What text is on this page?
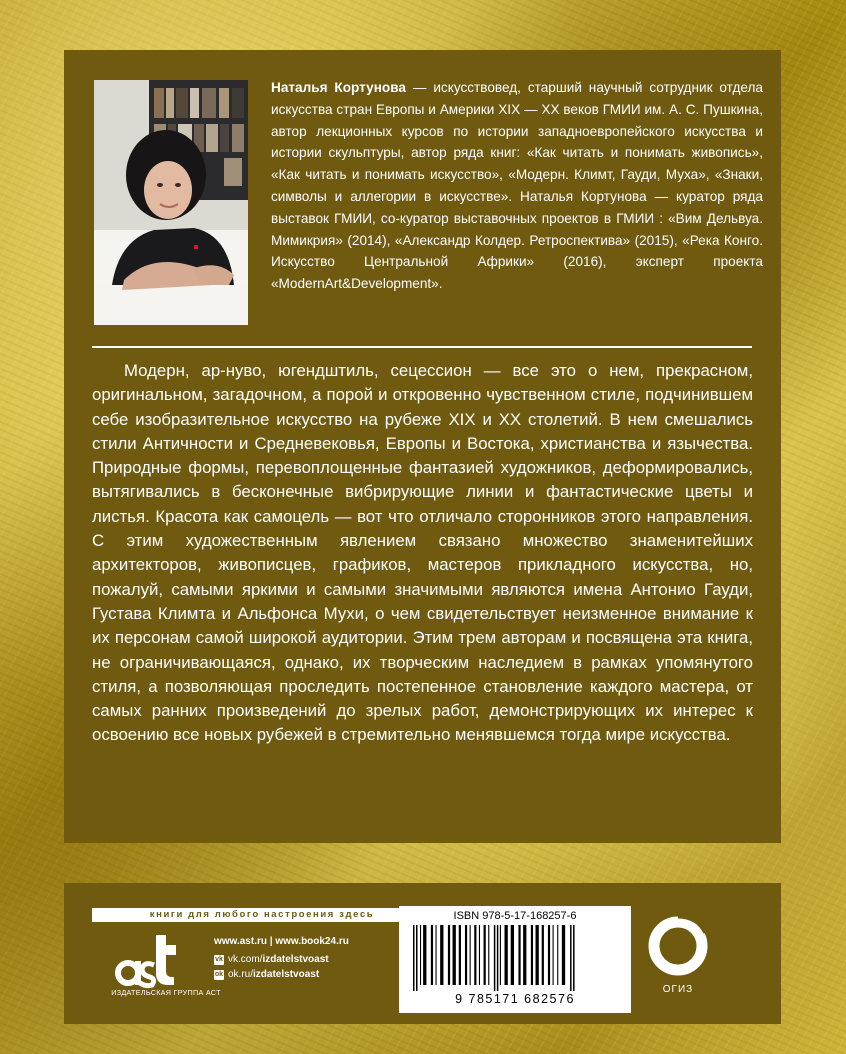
Наталья Кортунова — искусствовед, старший научный сотрудник отдела искусства стран Европы и Америки XIX — XX веков ГМИИ им. А. С. Пушкина, автор лекционных курсов по истории западноевропейского искусства и истории скульптуры, автор ряда книг: «Как читать и понимать живопись», «Как читать и понимать искусство», «Модерн. Климт, Гауди, Муха», «Знаки, символы и аллегории в искусстве». Наталья Кортунова — куратор ряда выставок ГМИИ, со-куратор выставочных проектов в ГМИИ : «Вим Дельвуа. Мимикрия» (2014), «Александр Колдер. Ретроспектива» (2015), «Река Конго. Искусство Центральной Африки» (2016), эксперт проекта «ModernArt&Development».

Модерн, ар-нуво, югендштиль, сецессион — все это о нем, прекрасном, оригинальном, загадочном, а порой и откровенно чувственном стиле, подчинившем себе изобразительное искусство на рубеже XIX и XX столетий. В нем смешались стили Античности и Средневековья, Европы и Востока, христианства и язычества. Природные формы, перевоплощенные фантазией художников, деформировались, вытягивались в бесконечные вибрирующие линии и фантастические цветы и листья. Красота как самоцель — вот что отличало сторонников этого направления. С этим художественным явлением связано множество знаменитейших архитекторов, живописцев, графиков, мастеров прикладного искусства, но, пожалуй, самыми яркими и самыми значимыми являются имена Антонио Гауди, Густава Климта и Альфонса Мухи, о чем свидетельствует неизменное внимание к их персонам самой широкой аудитории. Этим трем авторам и посвящена эта книга, не ограничивающаяся, однако, их творческим наследием в рамках упомянутого стиля, а позволяющая проследить постепенное становление каждого мастера, от самых ранних произведений до зрелых работ, демонстрирующих их интерес к освоению все новых рубежей в стремительно менявшемся тогда мире искусства.

книги для любого настроения здесь
ИЗДАТЕЛЬСКАЯ ГРУППА АСТ
www.ast.ru | www.book24.ru
vk vk.com/ izdatelstvoast
ok ok.ru/ izdatelstvoast
ISBN 978-5-17-168257-6
9 785171 682576
ОГИЗ
